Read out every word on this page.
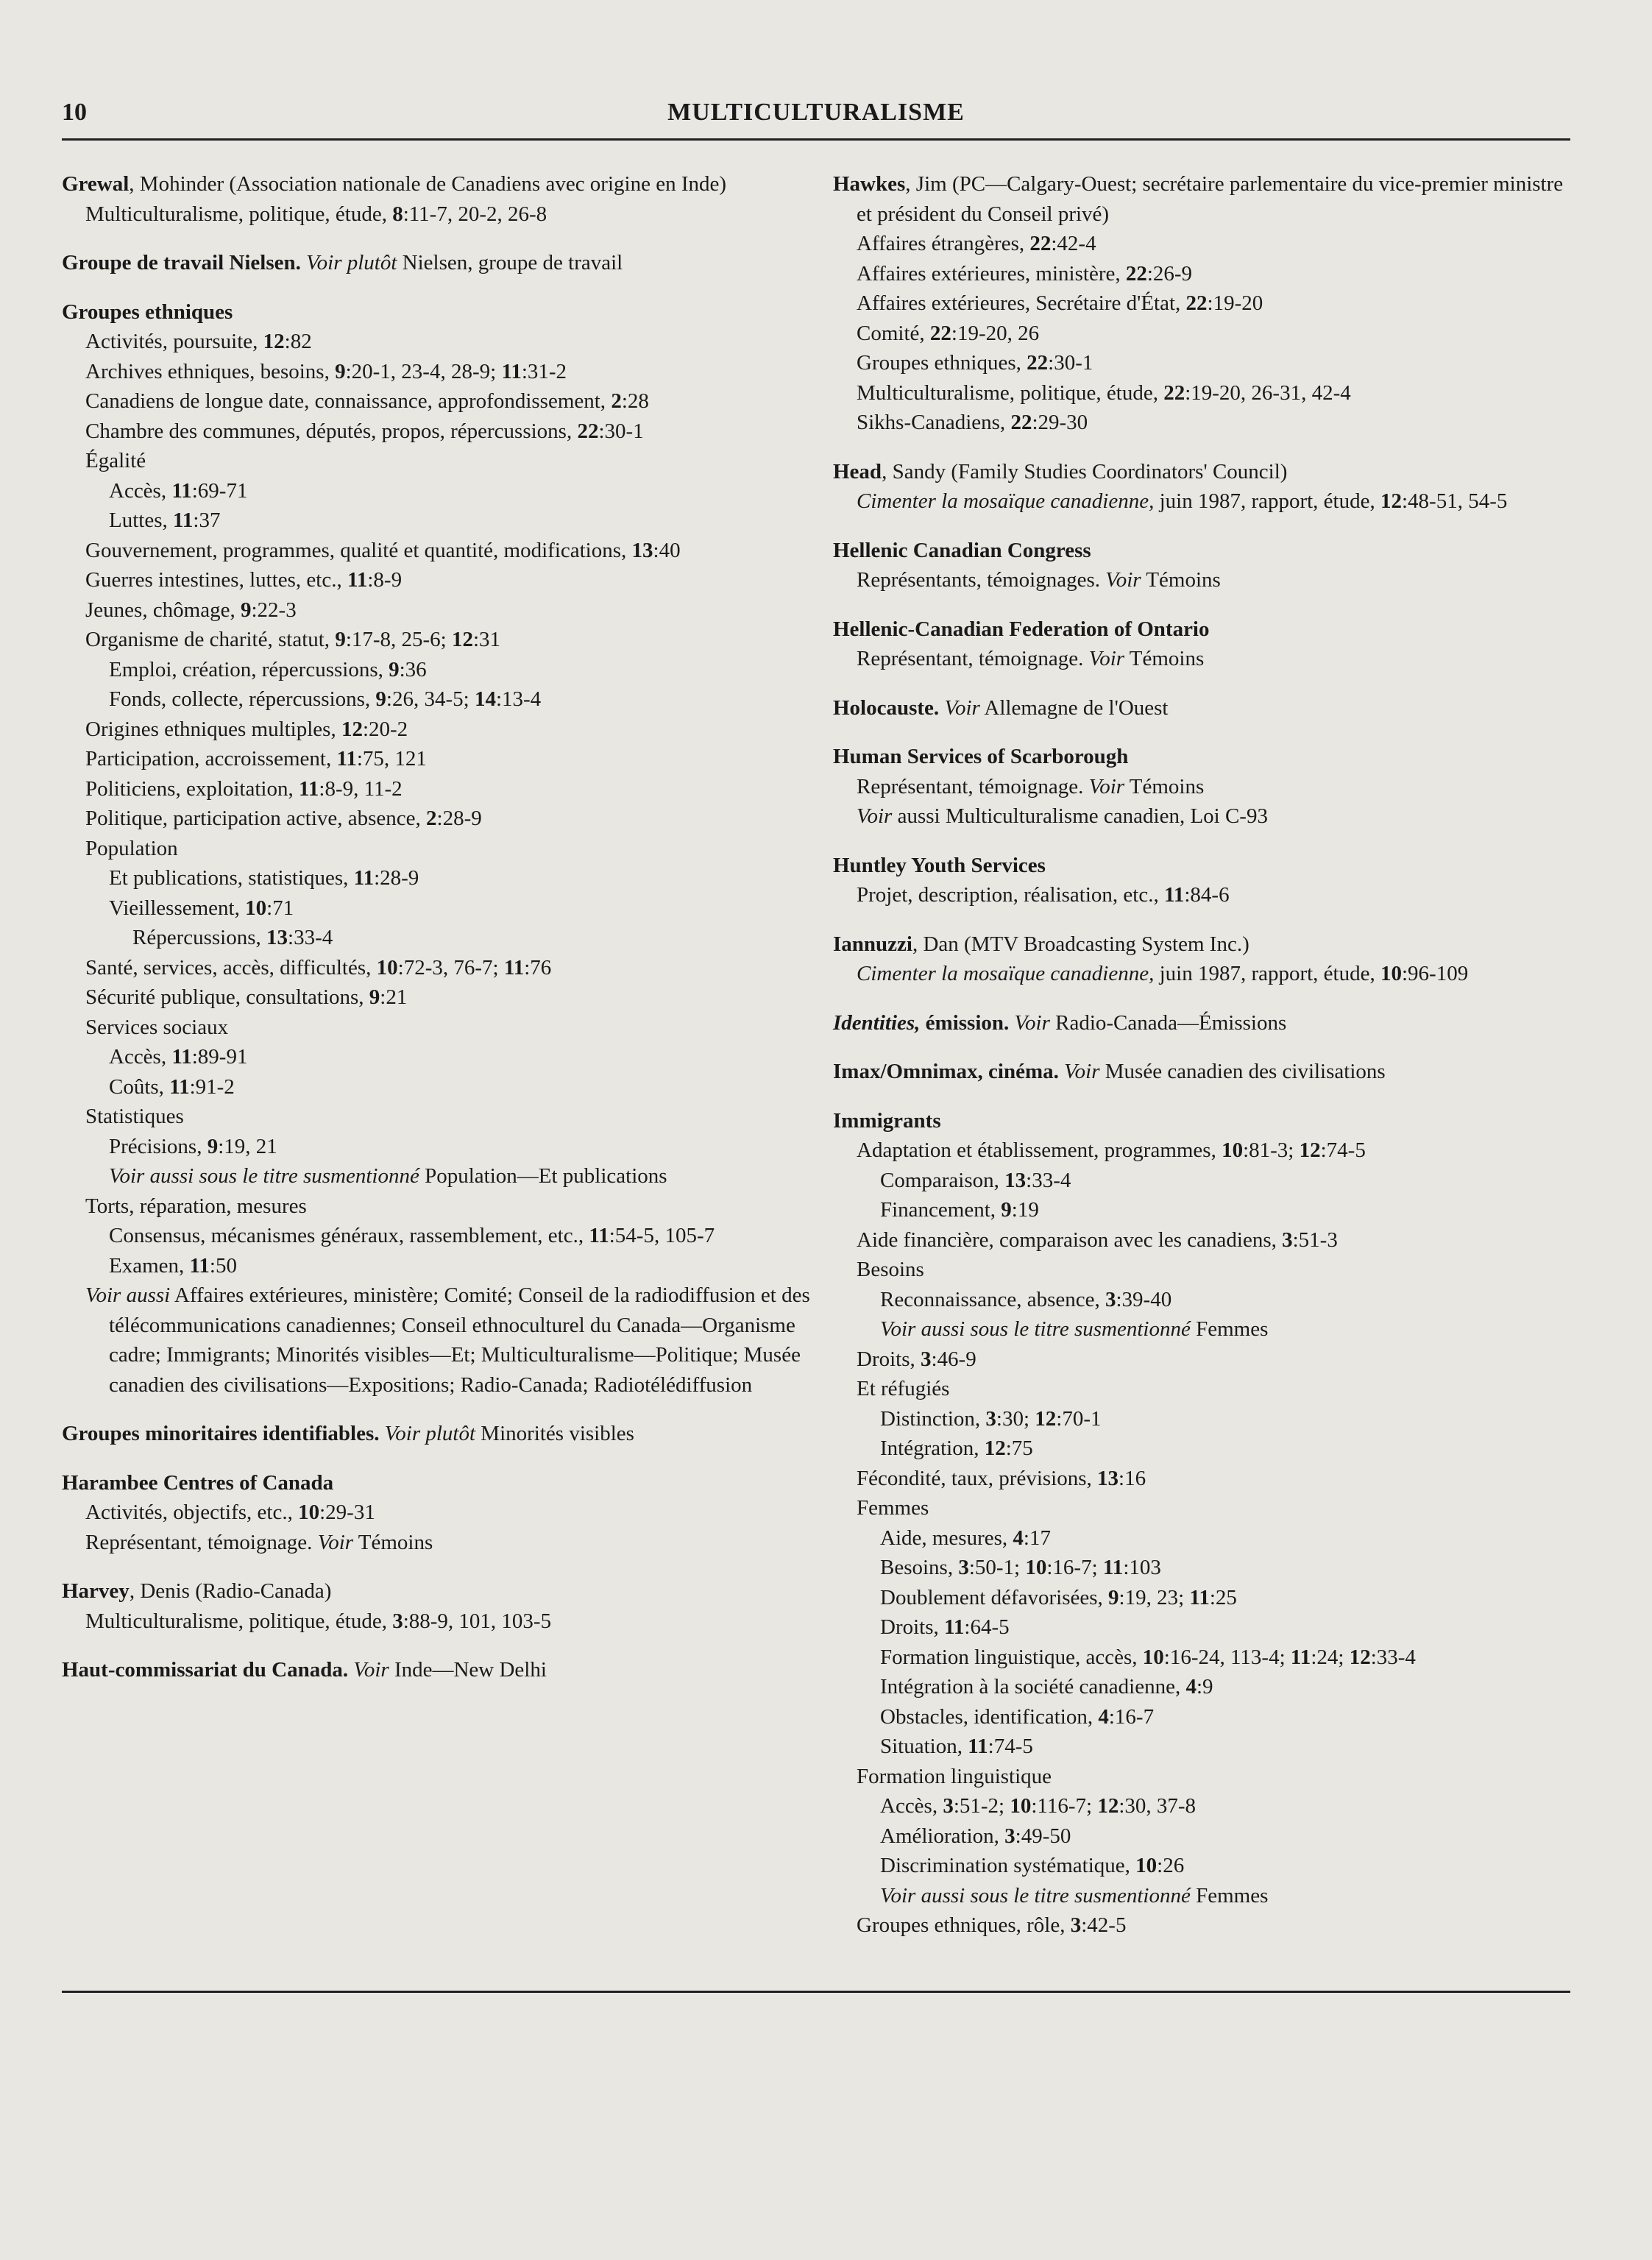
10	MULTICULTURALISME
Grewal, Mohinder (Association nationale de Canadiens avec origine en Inde)
Multiculturalisme, politique, étude, 8:11-7, 20-2, 26-8
Groupe de travail Nielsen. Voir plutôt Nielsen, groupe de travail
Groupes ethniques
Activités, poursuite, 12:82
Archives ethniques, besoins, 9:20-1, 23-4, 28-9; 11:31-2
Canadiens de longue date, connaissance, approfondissement, 2:28
Chambre des communes, députés, propos, répercussions, 22:30-1
Égalité
Accès, 11:69-71
Luttes, 11:37
Gouvernement, programmes, qualité et quantité, modifications, 13:40
Guerres intestines, luttes, etc., 11:8-9
Jeunes, chômage, 9:22-3
Organisme de charité, statut, 9:17-8, 25-6; 12:31
Emploi, création, répercussions, 9:36
Fonds, collecte, répercussions, 9:26, 34-5; 14:13-4
Origines ethniques multiples, 12:20-2
Participation, accroissement, 11:75, 121
Politiciens, exploitation, 11:8-9, 11-2
Politique, participation active, absence, 2:28-9
Population
Et publications, statistiques, 11:28-9
Vieillessement, 10:71
Répercussions, 13:33-4
Santé, services, accès, difficultés, 10:72-3, 76-7; 11:76
Sécurité publique, consultations, 9:21
Services sociaux
Accès, 11:89-91
Coûts, 11:91-2
Statistiques
Précisions, 9:19, 21
Voir aussi sous le titre susmentionné Population—Et publications
Torts, réparation, mesures
Consensus, mécanismes généraux, rassemblement, etc., 11:54-5, 105-7
Examen, 11:50
Voir aussi Affaires extérieures, ministère; Comité; Conseil de la radiodiffusion et des télécommunications canadiennes; Conseil ethnoculturel du Canada—Organisme cadre; Immigrants; Minorités visibles—Et; Multiculturalisme—Politique; Musée canadien des civilisations—Expositions; Radio-Canada; Radiotélédiffusion
Groupes minoritaires identifiables. Voir plutôt Minorités visibles
Harambee Centres of Canada
Activités, objectifs, etc., 10:29-31
Représentant, témoignage. Voir Témoins
Harvey, Denis (Radio-Canada)
Multiculturalisme, politique, étude, 3:88-9, 101, 103-5
Haut-commissariat du Canada. Voir Inde—New Delhi
Hawkes, Jim (PC—Calgary-Ouest; secrétaire parlementaire du vice-premier ministre et président du Conseil privé)
Affaires étrangères, 22:42-4
Affaires extérieures, ministère, 22:26-9
Affaires extérieures, Secrétaire d'État, 22:19-20
Comité, 22:19-20, 26
Groupes ethniques, 22:30-1
Multiculturalisme, politique, étude, 22:19-20, 26-31, 42-4
Sikhs-Canadiens, 22:29-30
Head, Sandy (Family Studies Coordinators' Council)
Cimenter la mosaïque canadienne, juin 1987, rapport, étude, 12:48-51, 54-5
Hellenic Canadian Congress
Représentants, témoignages. Voir Témoins
Hellenic-Canadian Federation of Ontario
Représentant, témoignage. Voir Témoins
Holocauste. Voir Allemagne de l'Ouest
Human Services of Scarborough
Représentant, témoignage. Voir Témoins
Voir aussi Multiculturalisme canadien, Loi C-93
Huntley Youth Services
Projet, description, réalisation, etc., 11:84-6
Iannuzzi, Dan (MTV Broadcasting System Inc.)
Cimenter la mosaïque canadienne, juin 1987, rapport, étude, 10:96-109
Identities, émission. Voir Radio-Canada—Émissions
Imax/Omnimax, cinéma. Voir Musée canadien des civilisations
Immigrants
Adaptation et établissement, programmes, 10:81-3; 12:74-5
Comparaison, 13:33-4
Financement, 9:19
Aide financière, comparaison avec les canadiens, 3:51-3
Besoins
Reconnaissance, absence, 3:39-40
Voir aussi sous le titre susmentionné Femmes
Droits, 3:46-9
Et réfugiés
Distinction, 3:30; 12:70-1
Intégration, 12:75
Fécondité, taux, prévisions, 13:16
Femmes
Aide, mesures, 4:17
Besoins, 3:50-1; 10:16-7; 11:103
Doublement défavorisées, 9:19, 23; 11:25
Droits, 11:64-5
Formation linguistique, accès, 10:16-24, 113-4; 11:24; 12:33-4
Intégration à la société canadienne, 4:9
Obstacles, identification, 4:16-7
Situation, 11:74-5
Formation linguistique
Accès, 3:51-2; 10:116-7; 12:30, 37-8
Amélioration, 3:49-50
Discrimination systématique, 10:26
Voir aussi sous le titre susmentionné Femmes
Groupes ethniques, rôle, 3:42-5
